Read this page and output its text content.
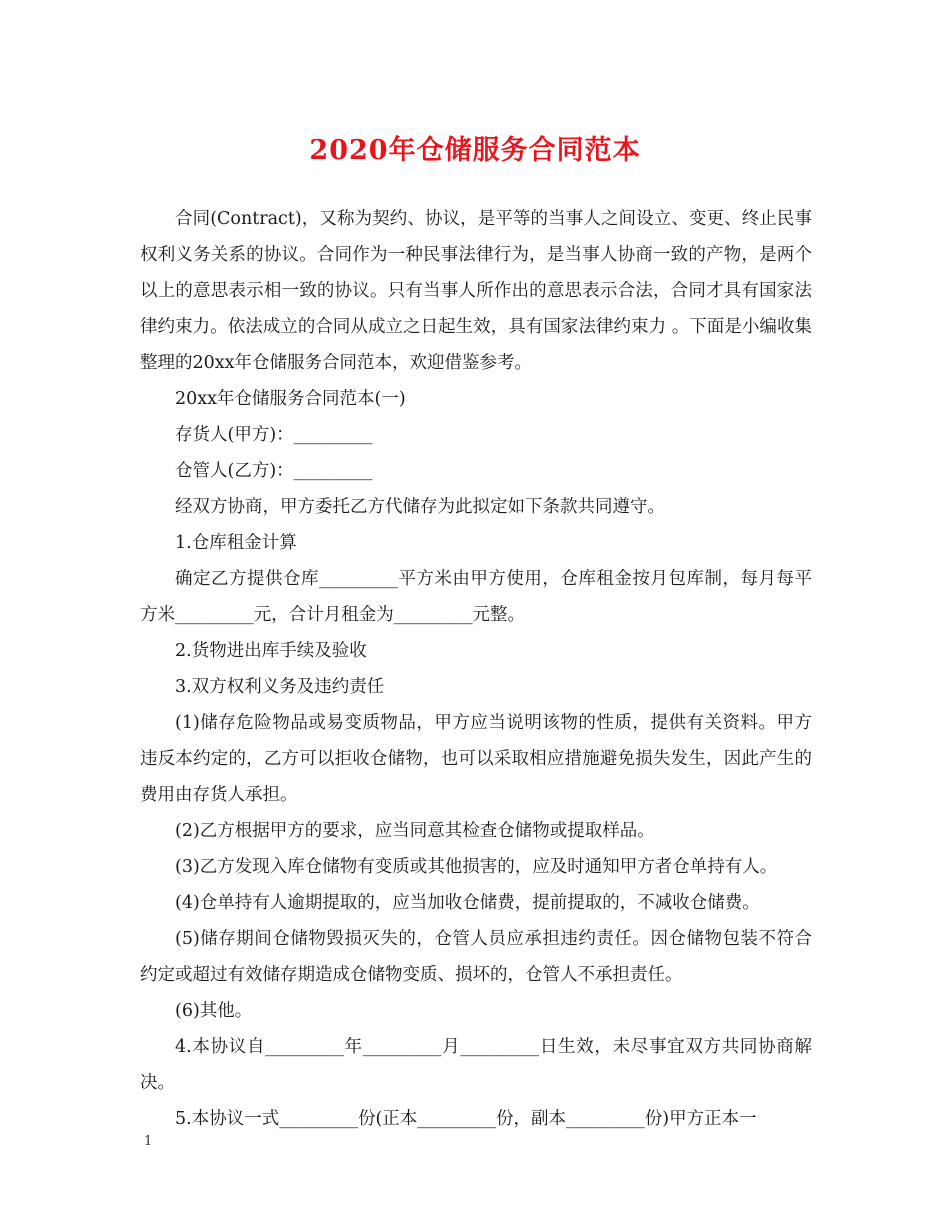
2020年仓储服务合同范本

合同(Contract)，又称为契约、协议，是平等的当事人之间设立、变更、终止民事权利义务关系的协议。合同作为一种民事法律行为，是当事人协商一致的产物，是两个以上的意思表示相一致的协议。只有当事人所作出的意思表示合法，合同才具有国家法律约束力。依法成立的合同从成立之日起生效，具有国家法律约束力 。下面是小编收集整理的20xx年仓储服务合同范本，欢迎借鉴参考。

20xx年仓储服务合同范本(一)

存货人(甲方)：_________

仓管人(乙方)：_________

经双方协商，甲方委托乙方代储存为此拟定如下条款共同遵守。

1.仓库租金计算

确定乙方提供仓库_________平方米由甲方使用，仓库租金按月包库制，每月每平方米_________元，合计月租金为_________元整。

2.货物进出库手续及验收

3.双方权利义务及违约责任

(1)储存危险物品或易变质物品，甲方应当说明该物的性质，提供有关资料。甲方违反本约定的，乙方可以拒收仓储物，也可以采取相应措施避免损失发生，因此产生的费用由存货人承担。

(2)乙方根据甲方的要求，应当同意其检查仓储物或提取样品。

(3)乙方发现入库仓储物有变质或其他损害的，应及时通知甲方者仓单持有人。

(4)仓单持有人逾期提取的，应当加收仓储费，提前提取的，不减收仓储费。

(5)储存期间仓储物毁损灭失的，仓管人员应承担违约责任。因仓储物包装不符合约定或超过有效储存期造成仓储物变质、损坏的，仓管人不承担责任。

(6)其他。

4.本协议自_________年_________月_________日生效，未尽事宜双方共同协商解决。

5.本协议一式_________份(正本_________份，副本_________份)甲方正本一

1
